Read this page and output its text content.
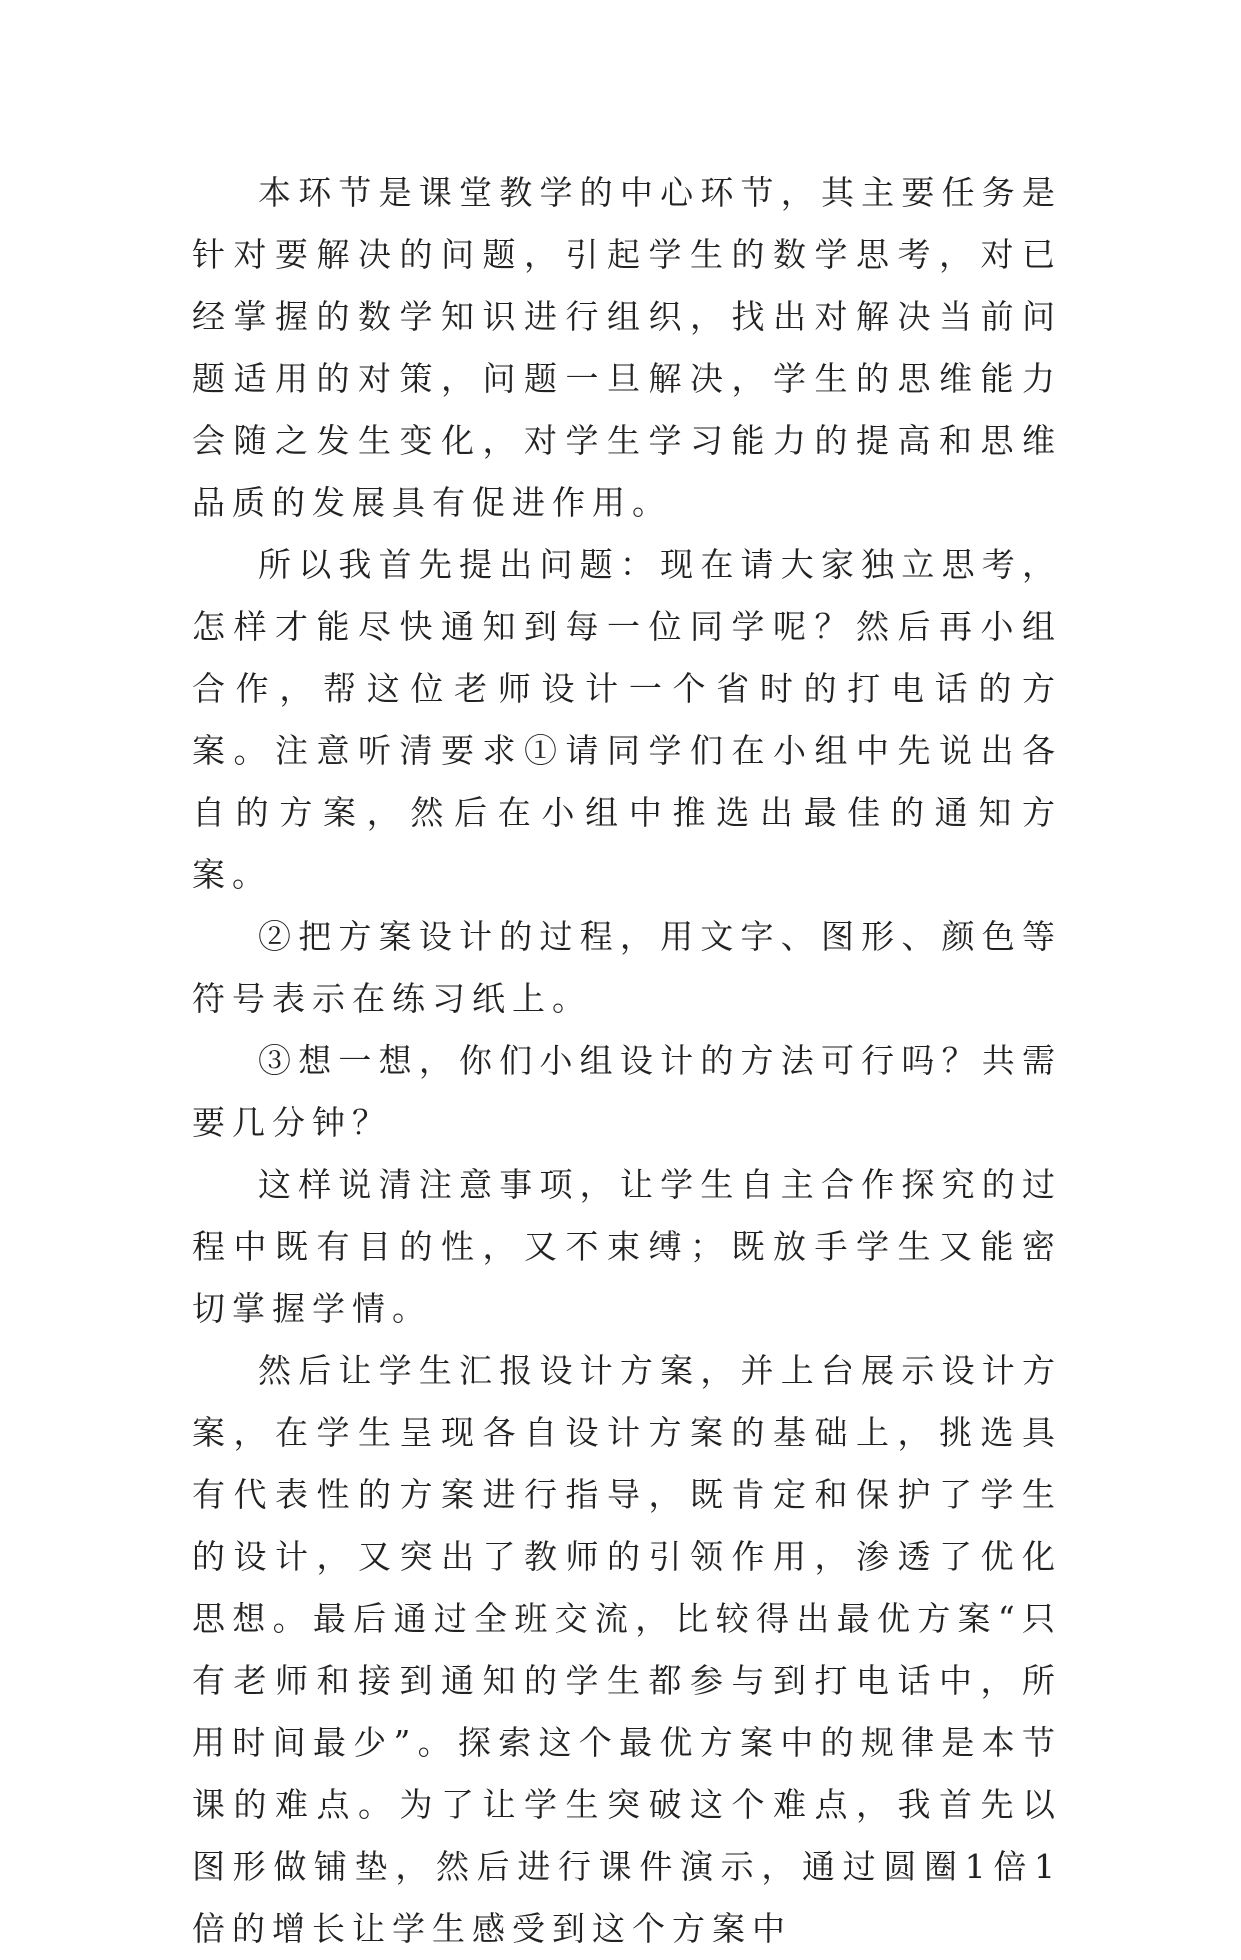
本环节是课堂教学的中心环节，其主要任务是针对要解决的问题，引起学生的数学思考，对已经掌握的数学知识进行组织，找出对解决当前问题适用的对策，问题一旦解决，学生的思维能力会随之发生变化，对学生学习能力的提高和思维品质的发展具有促进作用。

所以我首先提出问题：现在请大家独立思考，怎样才能尽快通知到每一位同学呢？然后再小组合作，帮这位老师设计一个省时的打电话的方案。注意听清要求①请同学们在小组中先说出各自的方案，然后在小组中推选出最佳的通知方案。

②把方案设计的过程，用文字、图形、颜色等符号表示在练习纸上。

③想一想，你们小组设计的方法可行吗？共需要几分钟？

这样说清注意事项，让学生自主合作探究的过程中既有目的性，又不束缚；既放手学生又能密切掌握学情。

然后让学生汇报设计方案，并上台展示设计方案，在学生呈现各自设计方案的基础上，挑选具有代表性的方案进行指导，既肯定和保护了学生的设计，又突出了教师的引领作用，渗透了优化思想。最后通过全班交流，比较得出最优方案“只有老师和接到通知的学生都参与到打电话中，所用时间最少”。探索这个最优方案中的规律是本节课的难点。为了让学生突破这个难点，我首先以图形做铺垫，然后进行课件演示，通过圆圈1倍1倍的增长让学生感受到这个方案中
